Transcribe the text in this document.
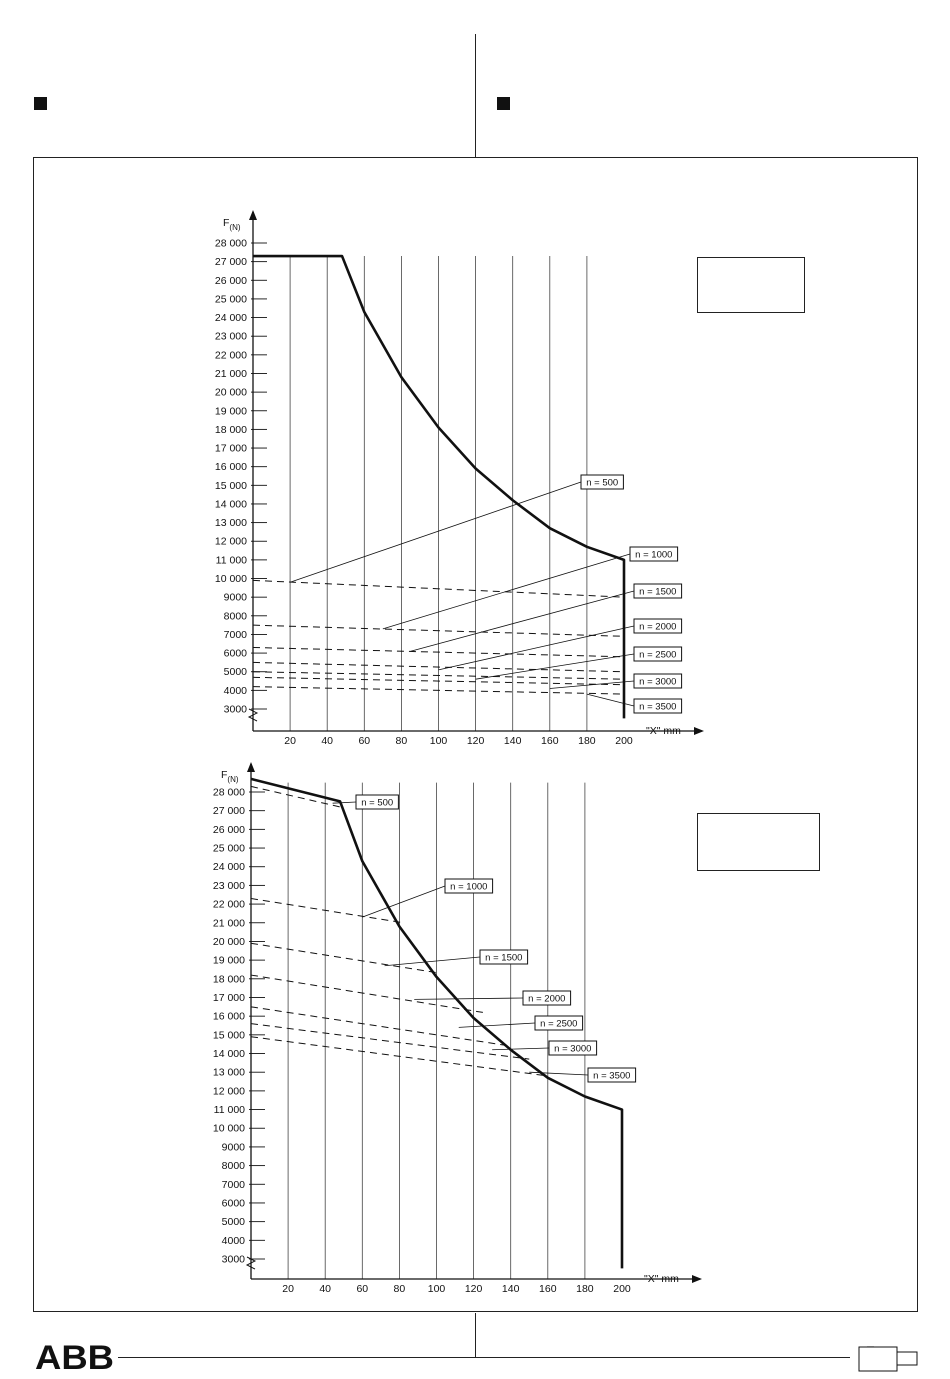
3000
4000
5000
6000
7000
8000
9000
10 000
11 000
12 000
13 000
14 000
15 000
16 000
17 000
18 000
19 000
20 000
21 000
22 000
23 000
24 000
25 000
26 000
27 000
28 000
20 40 60 80 100 120 140 160 180 200
$F_{(N)}$
"X" mm
n = 500
n = 1000
n = 1500
n = 2000
n = 2500
n = 3000
n = 3500
3000
4000
5000
6000
7000
8000
9000
10 000
11 000
12 000
13 000
14 000
15 000
16 000
17 000
18 000
19 000
20 000
21 000
22 000
23 000
24 000
25 000
26 000
27 000
28 000
20 40 60 80 100 120 140 160 180 200
$F_{(N)}$
"X" mm
n = 500
n = 1000
n = 1500
n = 2000
n = 2500
n = 3000
n = 3500
ABB
